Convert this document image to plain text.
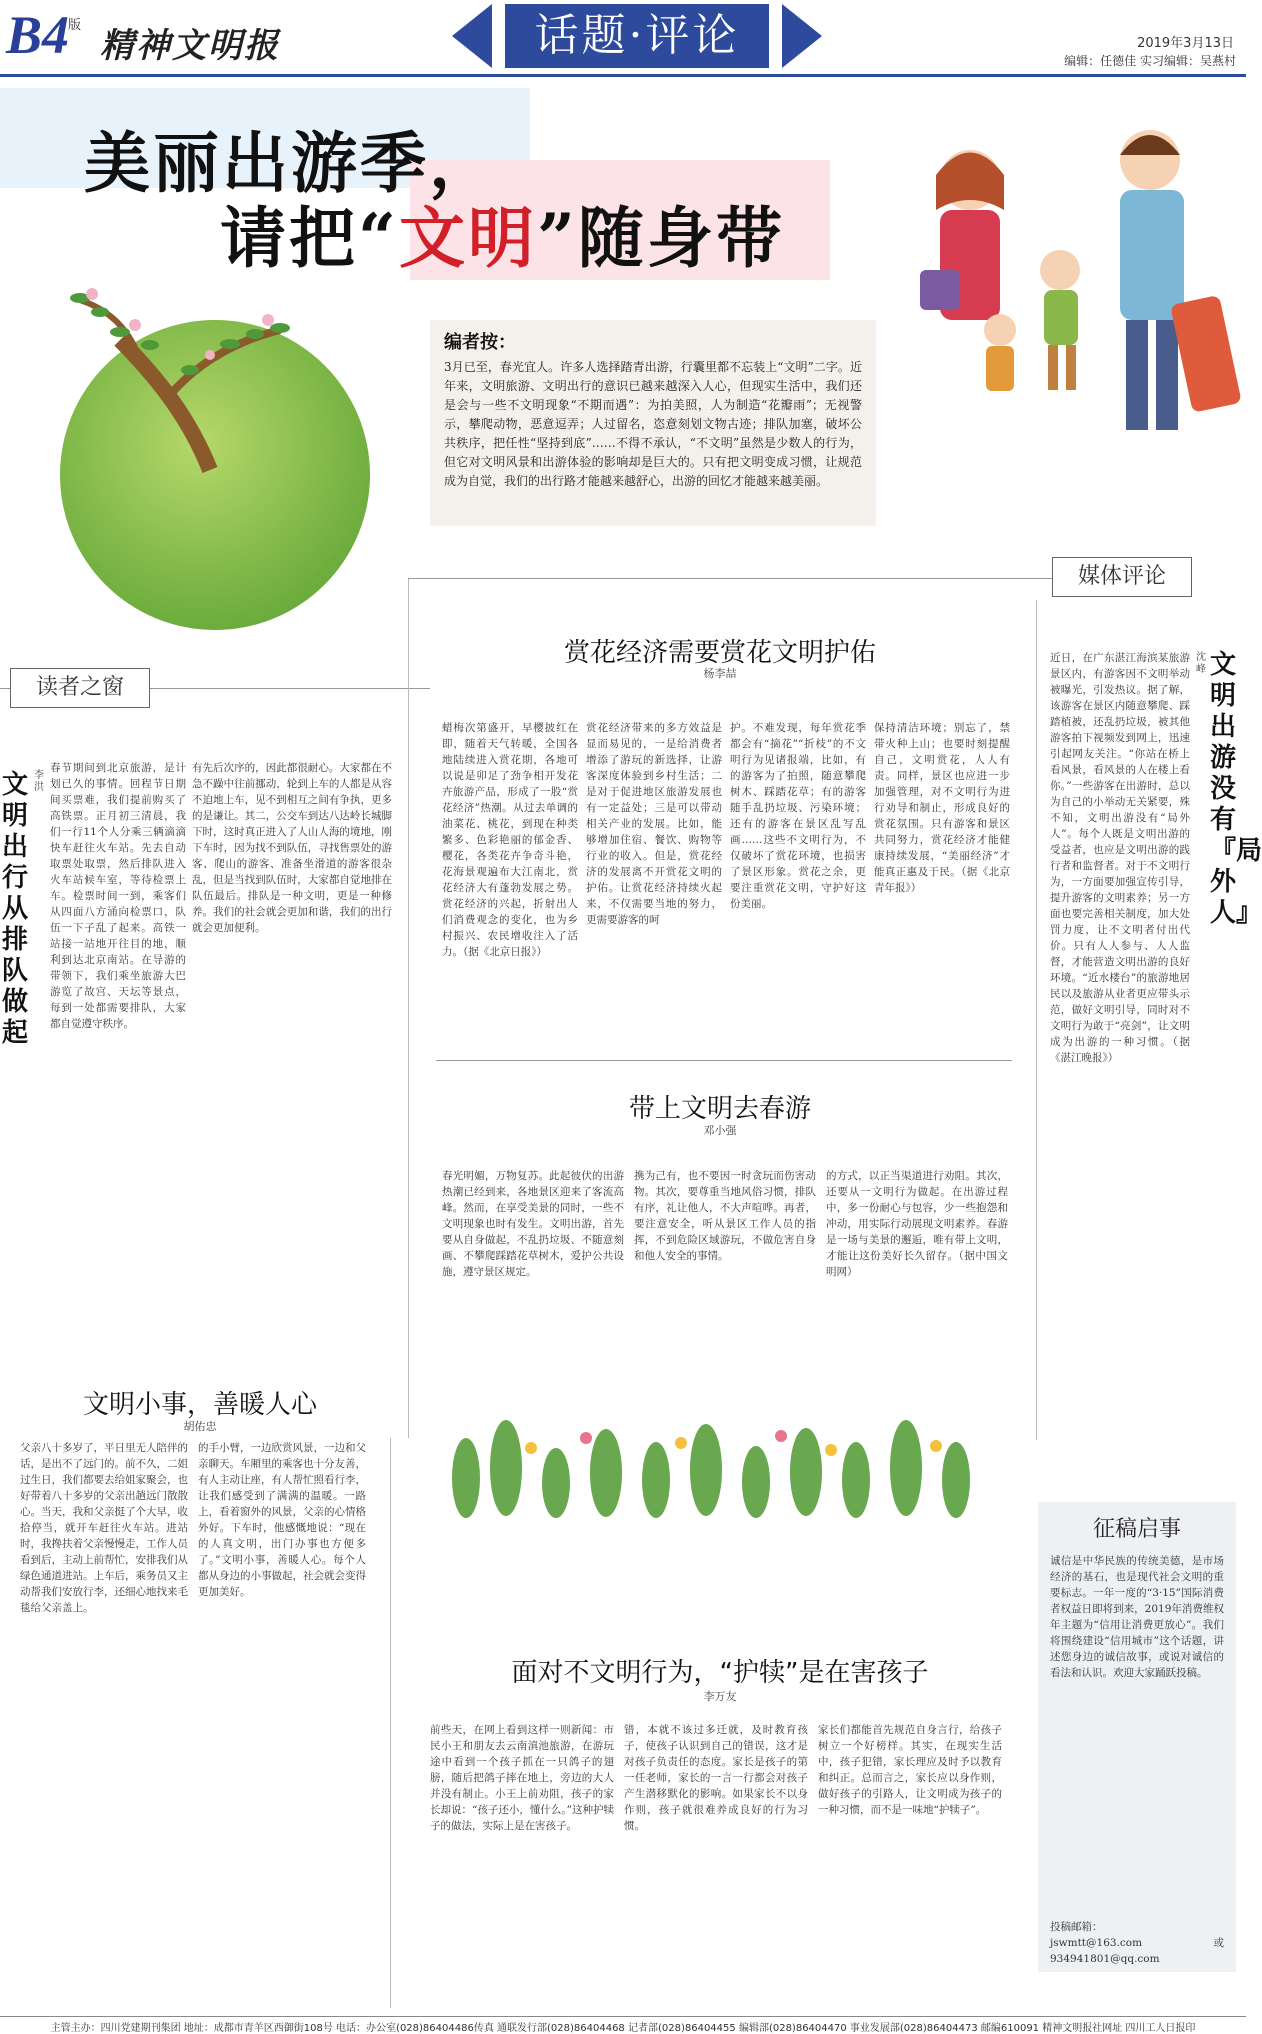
B4
版
精神文明报	话题·评论	2019年3月13日
编辑：任德佳 实习编辑：吴燕村
美丽出游季，
请把“文明”随身带
编者按：
3月已至，春光宜人。许多人选择踏青出游，行囊里都不忘装上“文明”二字。近年来，文明旅游、文明出行的意识已越来越深入人心，但现实生活中，我们还是会与一些不文明现象“不期而遇”：为拍美照，人为制造“花瓣雨”；无视警示，攀爬动物，恶意逗弄；人过留名，恣意刻划文物古迹；排队加塞，破坏公共秩序，把任性“坚持到底”……不得不承认，“不文明”虽然是少数人的行为，但它对文明风景和出游体验的影响却是巨大的。只有把文明变成习惯，让规范成为自觉，我们的出行路才能越来越舒心，出游的回忆才能越来越美丽。
媒体评论
读者之窗
赏花经济需要赏花文明护佑
杨李喆
蜡梅次第盛开，早樱披红在即，随着天气转暖，全国各地陆续进入赏花期，各地可以说是卯足了劲争相开发花卉旅游产品，形成了一股“赏花经济”热潮。从过去单调的油菜花、桃花，到现在种类繁多、色彩艳丽的郁金香、樱花，各类花卉争奇斗艳，花海景观遍布大江南北，赏花经济大有蓬勃发展之势。赏花经济的兴起，折射出人们消费观念的变化，也为乡村振兴、农民增收注入了活力。（据《北京日报》）
赏花经济带来的多方效益是显而易见的，一是给消费者增添了游玩的新选择，让游客深度体验到乡村生活；二是对于促进地区旅游发展也有一定益处；三是可以带动相关产业的发展。比如，能够增加住宿、餐饮、购物等行业的收入。但是，赏花经济的发展离不开赏花文明的护佑。让赏花经济持续火起来，不仅需要当地的努力，更需要游客的呵
护。不难发现，每年赏花季都会有“摘花”“折枝”的不文明行为见诸报端，比如，有的游客为了拍照，随意攀爬树木、踩踏花草；有的游客随手乱扔垃圾、污染环境；还有的游客在景区乱写乱画……这些不文明行为，不仅破坏了赏花环境，也损害了景区形象。赏花之余，更要注重赏花文明，守护好这份美丽。
保持清洁环境；别忘了，禁带火种上山；也要时刻提醒自己，文明赏花，人人有责。同样，景区也应进一步加强管理，对不文明行为进行劝导和制止，形成良好的赏花氛围。只有游客和景区共同努力，赏花经济才能健康持续发展，“美丽经济”才能真正惠及于民。（据《北京青年报》）
带上文明去春游
邓小强
春光明媚，万物复苏。此起彼伏的出游热潮已经到来，各地景区迎来了客流高峰。然而，在享受美景的同时，一些不文明现象也时有发生。文明出游，首先要从自身做起，不乱扔垃圾、不随意刻画、不攀爬踩踏花草树木，爱护公共设施，遵守景区规定。
携为己有，也不要因一时贪玩而伤害动物。其次，要尊重当地风俗习惯，排队有序，礼让他人，不大声喧哗。再者，要注意安全，听从景区工作人员的指挥，不到危险区域游玩，不做危害自身和他人安全的事情。
的方式，以正当渠道进行劝阻。其次，还要从一文明行为做起。在出游过程中，多一份耐心与包容，少一些抱怨和冲动，用实际行动展现文明素养。春游是一场与美景的邂逅，唯有带上文明，才能让这份美好长久留存。（据中国文明网）
文明出游没有『局外人』
沈峰
近日，在广东湛江海滨某旅游景区内，有游客因不文明举动被曝光，引发热议。据了解，该游客在景区内随意攀爬、踩踏植被，还乱扔垃圾，被其他游客拍下视频发到网上，迅速引起网友关注。“你站在桥上看风景，看风景的人在楼上看你。”一些游客在出游时，总以为自己的小举动无关紧要，殊不知，文明出游没有“局外人”。每个人既是文明出游的受益者，也应是文明出游的践行者和监督者。对于不文明行为，一方面要加强宣传引导，提升游客的文明素养；另一方面也要完善相关制度，加大处罚力度，让不文明者付出代价。只有人人参与、人人监督，才能营造文明出游的良好环境。“近水楼台”的旅游地居民以及旅游从业者更应带头示范，做好文明引导，同时对不文明行为敢于“亮剑”，让文明成为出游的一种习惯。（据《湛江晚报》）
文明出行从排队做起
李洪
春节期间到北京旅游，是计划已久的事情。回程节日期间买票难，我们提前购买了高铁票。正月初三清晨，我们一行11个人分乘三辆滴滴快车赶往火车站。先去自动取票处取票，然后排队进入火车站候车室，等待检票上车。检票时间一到，乘客们从四面八方涌向检票口，队伍一下子乱了起来。高铁一站接一站地开往目的地，顺利到达北京南站。在导游的带领下，我们乘坐旅游大巴游览了故宫、天坛等景点，每到一处都需要排队，大家都自觉遵守秩序。
有先后次序的，因此都很耐心。大家都在不急不躁中往前挪动，轮到上车的人都是从容不迫地上车，见不到相互之间有争执，更多的是谦让。其二，公交车到达八达岭长城脚下时，这时真正进入了人山人海的境地，刚下车时，因为找不到队伍，寻找售票处的游客、爬山的游客、准备坐滑道的游客很杂乱，但是当找到队伍时，大家都自觉地排在队伍最后。排队是一种文明，更是一种修养。我们的社会就会更加和谐，我们的出行就会更加便利。
文明小事，善暖人心
胡佑忠
父亲八十多岁了，平日里无人陪伴的话，是出不了远门的。前不久，二姐过生日，我们都要去给姐家聚会，也好带着八十多岁的父亲出趟远门散散心。当天，我和父亲挺了个大早，收拾停当，就开车赶往火车站。进站时，我搀扶着父亲慢慢走，工作人员看到后，主动上前帮忙，安排我们从绿色通道进站。上车后，乘务员又主动帮我们安放行李，还细心地找来毛毯给父亲盖上。
的手小臂，一边欣赏风景，一边和父亲聊天。车厢里的乘客也十分友善，有人主动让座，有人帮忙照看行李，让我们感受到了满满的温暖。一路上，看着窗外的风景，父亲的心情格外好。下车时，他感慨地说：“现在的人真文明，出门办事也方便多了。”文明小事，善暖人心。每个人都从身边的小事做起，社会就会变得更加美好。
面对不文明行为，“护犊”是在害孩子
李万友
前些天，在网上看到这样一则新闻：市民小王和朋友去云南滇池旅游，在游玩途中看到一个孩子抓在一只鸽子的翅膀，随后把鸽子摔在地上，旁边的大人并没有制止。小王上前劝阻，孩子的家长却说：“孩子还小，懂什么。”这种护犊子的做法，实际上是在害孩子。
错，本就不该过多迁就，及时教育孩子，使孩子认识到自己的错误，这才是对孩子负责任的态度。家长是孩子的第一任老师，家长的一言一行都会对孩子产生潜移默化的影响。如果家长不以身作则，孩子就很难养成良好的行为习惯。
家长们都能首先规范自身言行，给孩子树立一个好榜样。其实，在现实生活中，孩子犯错，家长理应及时予以教育和纠正。总而言之，家长应以身作则，做好孩子的引路人，让文明成为孩子的一种习惯，而不是一味地“护犊子”。
征稿启事
诚信是中华民族的传统美德，是市场经济的基石，也是现代社会文明的重要标志。一年一度的“3·15”国际消费者权益日即将到来，2019年消费维权年主题为“信用让消费更放心”。我们将围绕建设“信用城市”这个话题，讲述您身边的诚信故事，或说对诚信的看法和认识。欢迎大家踊跃投稿。
投稿邮箱：
jswmtt@163.com 或 934941801@qq.com
主管主办：四川党建期刊集团 地址：成都市青羊区西御街108号 电话：办公室(028)86404486传真 通联发行部(028)86404468 记者部(028)86404455 编辑部(028)86404470 事业发展部(028)86404473 邮编610091 精神文明报社网址 四川工人日报印
